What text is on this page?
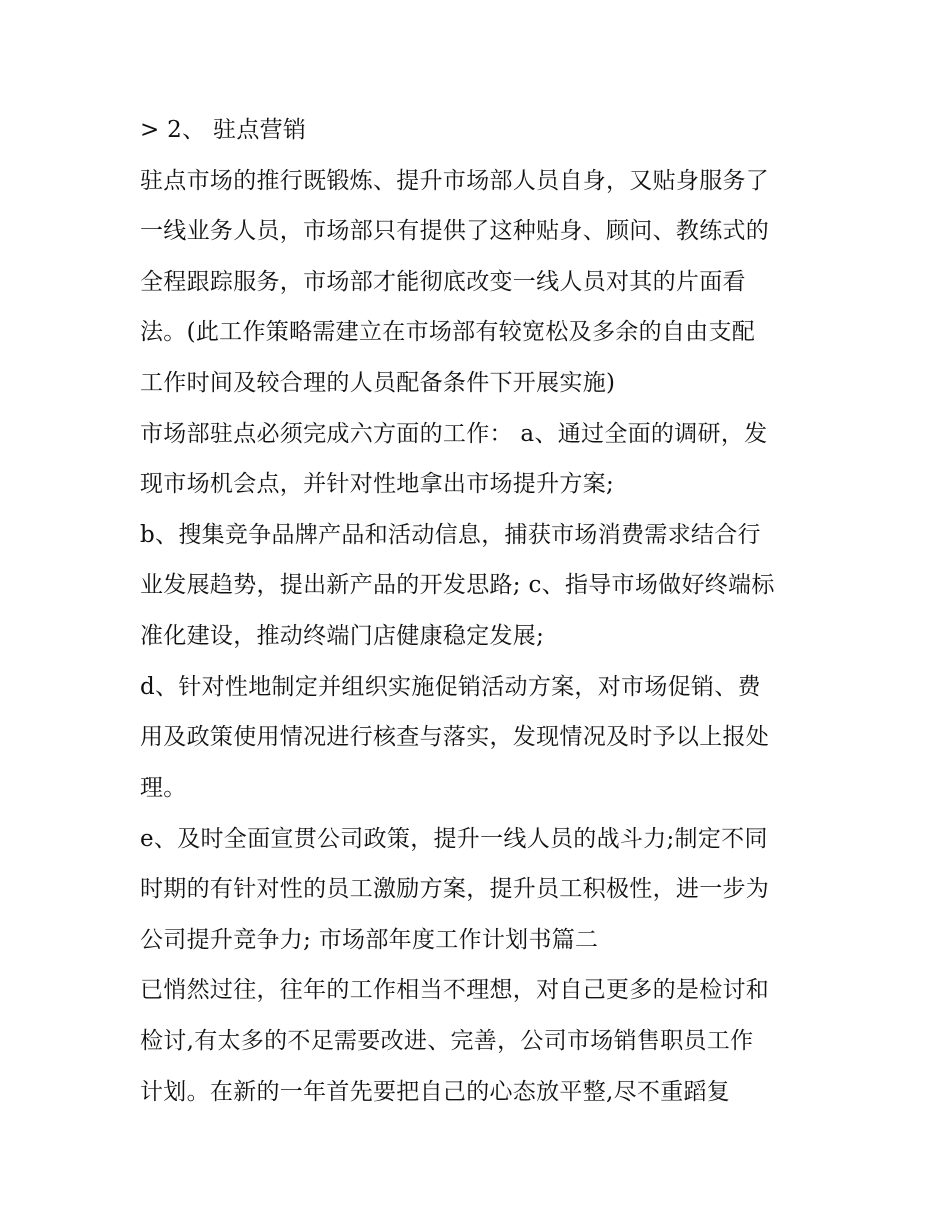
> 2、 驻点营销
驻点市场的推行既锻炼、提升市场部人员自身，又贴身服务了
一线业务人员，市场部只有提供了这种贴身、顾问、教练式的
全程跟踪服务，市场部才能彻底改变一线人员对其的片面看
法。(此工作策略需建立在市场部有较宽松及多余的自由支配
工作时间及较合理的人员配备条件下开展实施)
市场部驻点必须完成六方面的工作： a、通过全面的调研，发
现市场机会点，并针对性地拿出市场提升方案;
b、搜集竞争品牌产品和活动信息，捕获市场消费需求结合行
业发展趋势，提出新产品的开发思路; c、指导市场做好终端标
准化建设，推动终端门店健康稳定发展;
d、针对性地制定并组织实施促销活动方案，对市场促销、费
用及政策使用情况进行核查与落实，发现情况及时予以上报处
理。
e、及时全面宣贯公司政策，提升一线人员的战斗力;制定不同
时期的有针对性的员工激励方案，提升员工积极性，进一步为
公司提升竞争力; 市场部年度工作计划书篇二
已悄然过往，往年的工作相当不理想，对自己更多的是检讨和
检讨,有太多的不足需要改进、完善，公司市场销售职员工作
计划。在新的一年首先要把自己的心态放平整,尽不重蹈复
